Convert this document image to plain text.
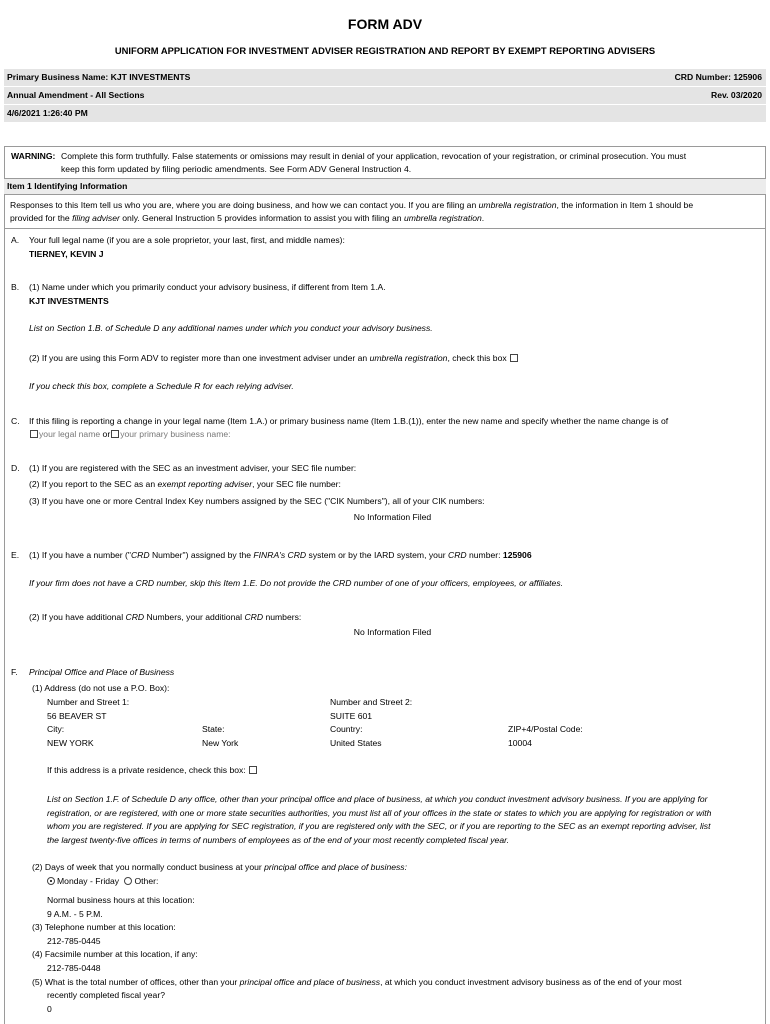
FORM ADV
UNIFORM APPLICATION FOR INVESTMENT ADVISER REGISTRATION AND REPORT BY EXEMPT REPORTING ADVISERS
Primary Business Name: KJT INVESTMENTS	CRD Number: 125906
Annual Amendment - All Sections	Rev. 03/2020
4/6/2021 1:26:40 PM
WARNING: Complete this form truthfully. False statements or omissions may result in denial of your application, revocation of your registration, or criminal prosecution. You must
keep this form updated by filing periodic amendments. See Form ADV General Instruction 4.
Item 1 Identifying Information
Responses to this Item tell us who you are, where you are doing business, and how we can contact you. If you are filing an umbrella registration, the information in Item 1 should be
provided for the filing adviser only. General Instruction 5 provides information to assist you with filing an umbrella registration.
A. Your full legal name (if you are a sole proprietor, your last, first, and middle names):
TIERNEY, KEVIN J
B. (1) Name under which you primarily conduct your advisory business, if different from Item 1.A.
KJT INVESTMENTS
List on Section 1.B. of Schedule D any additional names under which you conduct your advisory business.
(2) If you are using this Form ADV to register more than one investment adviser under an umbrella registration, check this box
If you check this box, complete a Schedule R for each relying adviser.
C. If this filing is reporting a change in your legal name (Item 1.A.) or primary business name (Item 1.B.(1)), enter the new name and specify whether the name change is of
your legal name or your primary business name:
D. (1) If you are registered with the SEC as an investment adviser, your SEC file number:
(2) If you report to the SEC as an exempt reporting adviser, your SEC file number:
(3) If you have one or more Central Index Key numbers assigned by the SEC ("CIK Numbers"), all of your CIK numbers:
No Information Filed
E. (1) If you have a number ("CRD Number") assigned by the FINRA's CRD system or by the IARD system, your CRD number: 125906
If your firm does not have a CRD number, skip this Item 1.E. Do not provide the CRD number of one of your officers, employees, or affiliates.
(2) If you have additional CRD Numbers, your additional CRD numbers:
No Information Filed
F. Principal Office and Place of Business
(1) Address (do not use a P.O. Box):
Number and Street 1:	Number and Street 2:
56 BEAVER ST	SUITE 601
City:	State:	Country:	ZIP+4/Postal Code:
NEW YORK	New York	United States	10004
If this address is a private residence, check this box:
List on Section 1.F. of Schedule D any office, other than your principal office and place of business, at which you conduct investment advisory business. If you are applying for
registration, or are registered, with one or more state securities authorities, you must list all of your offices in the state or states to which you are applying for registration or with
whom you are registered. If you are applying for SEC registration, if you are registered only with the SEC, or if you are reporting to the SEC as an exempt reporting adviser, list
the largest twenty-five offices in terms of numbers of employees as of the end of your most recently completed fiscal year.
(2) Days of week that you normally conduct business at your principal office and place of business:
Monday - Friday Other:
Normal business hours at this location:
9 A.M. - 5 P.M.
(3) Telephone number at this location:
212-785-0445
(4) Facsimile number at this location, if any:
212-785-0448
(5) What is the total number of offices, other than your principal office and place of business, at which you conduct investment advisory business as of the end of your most
recently completed fiscal year?
0
